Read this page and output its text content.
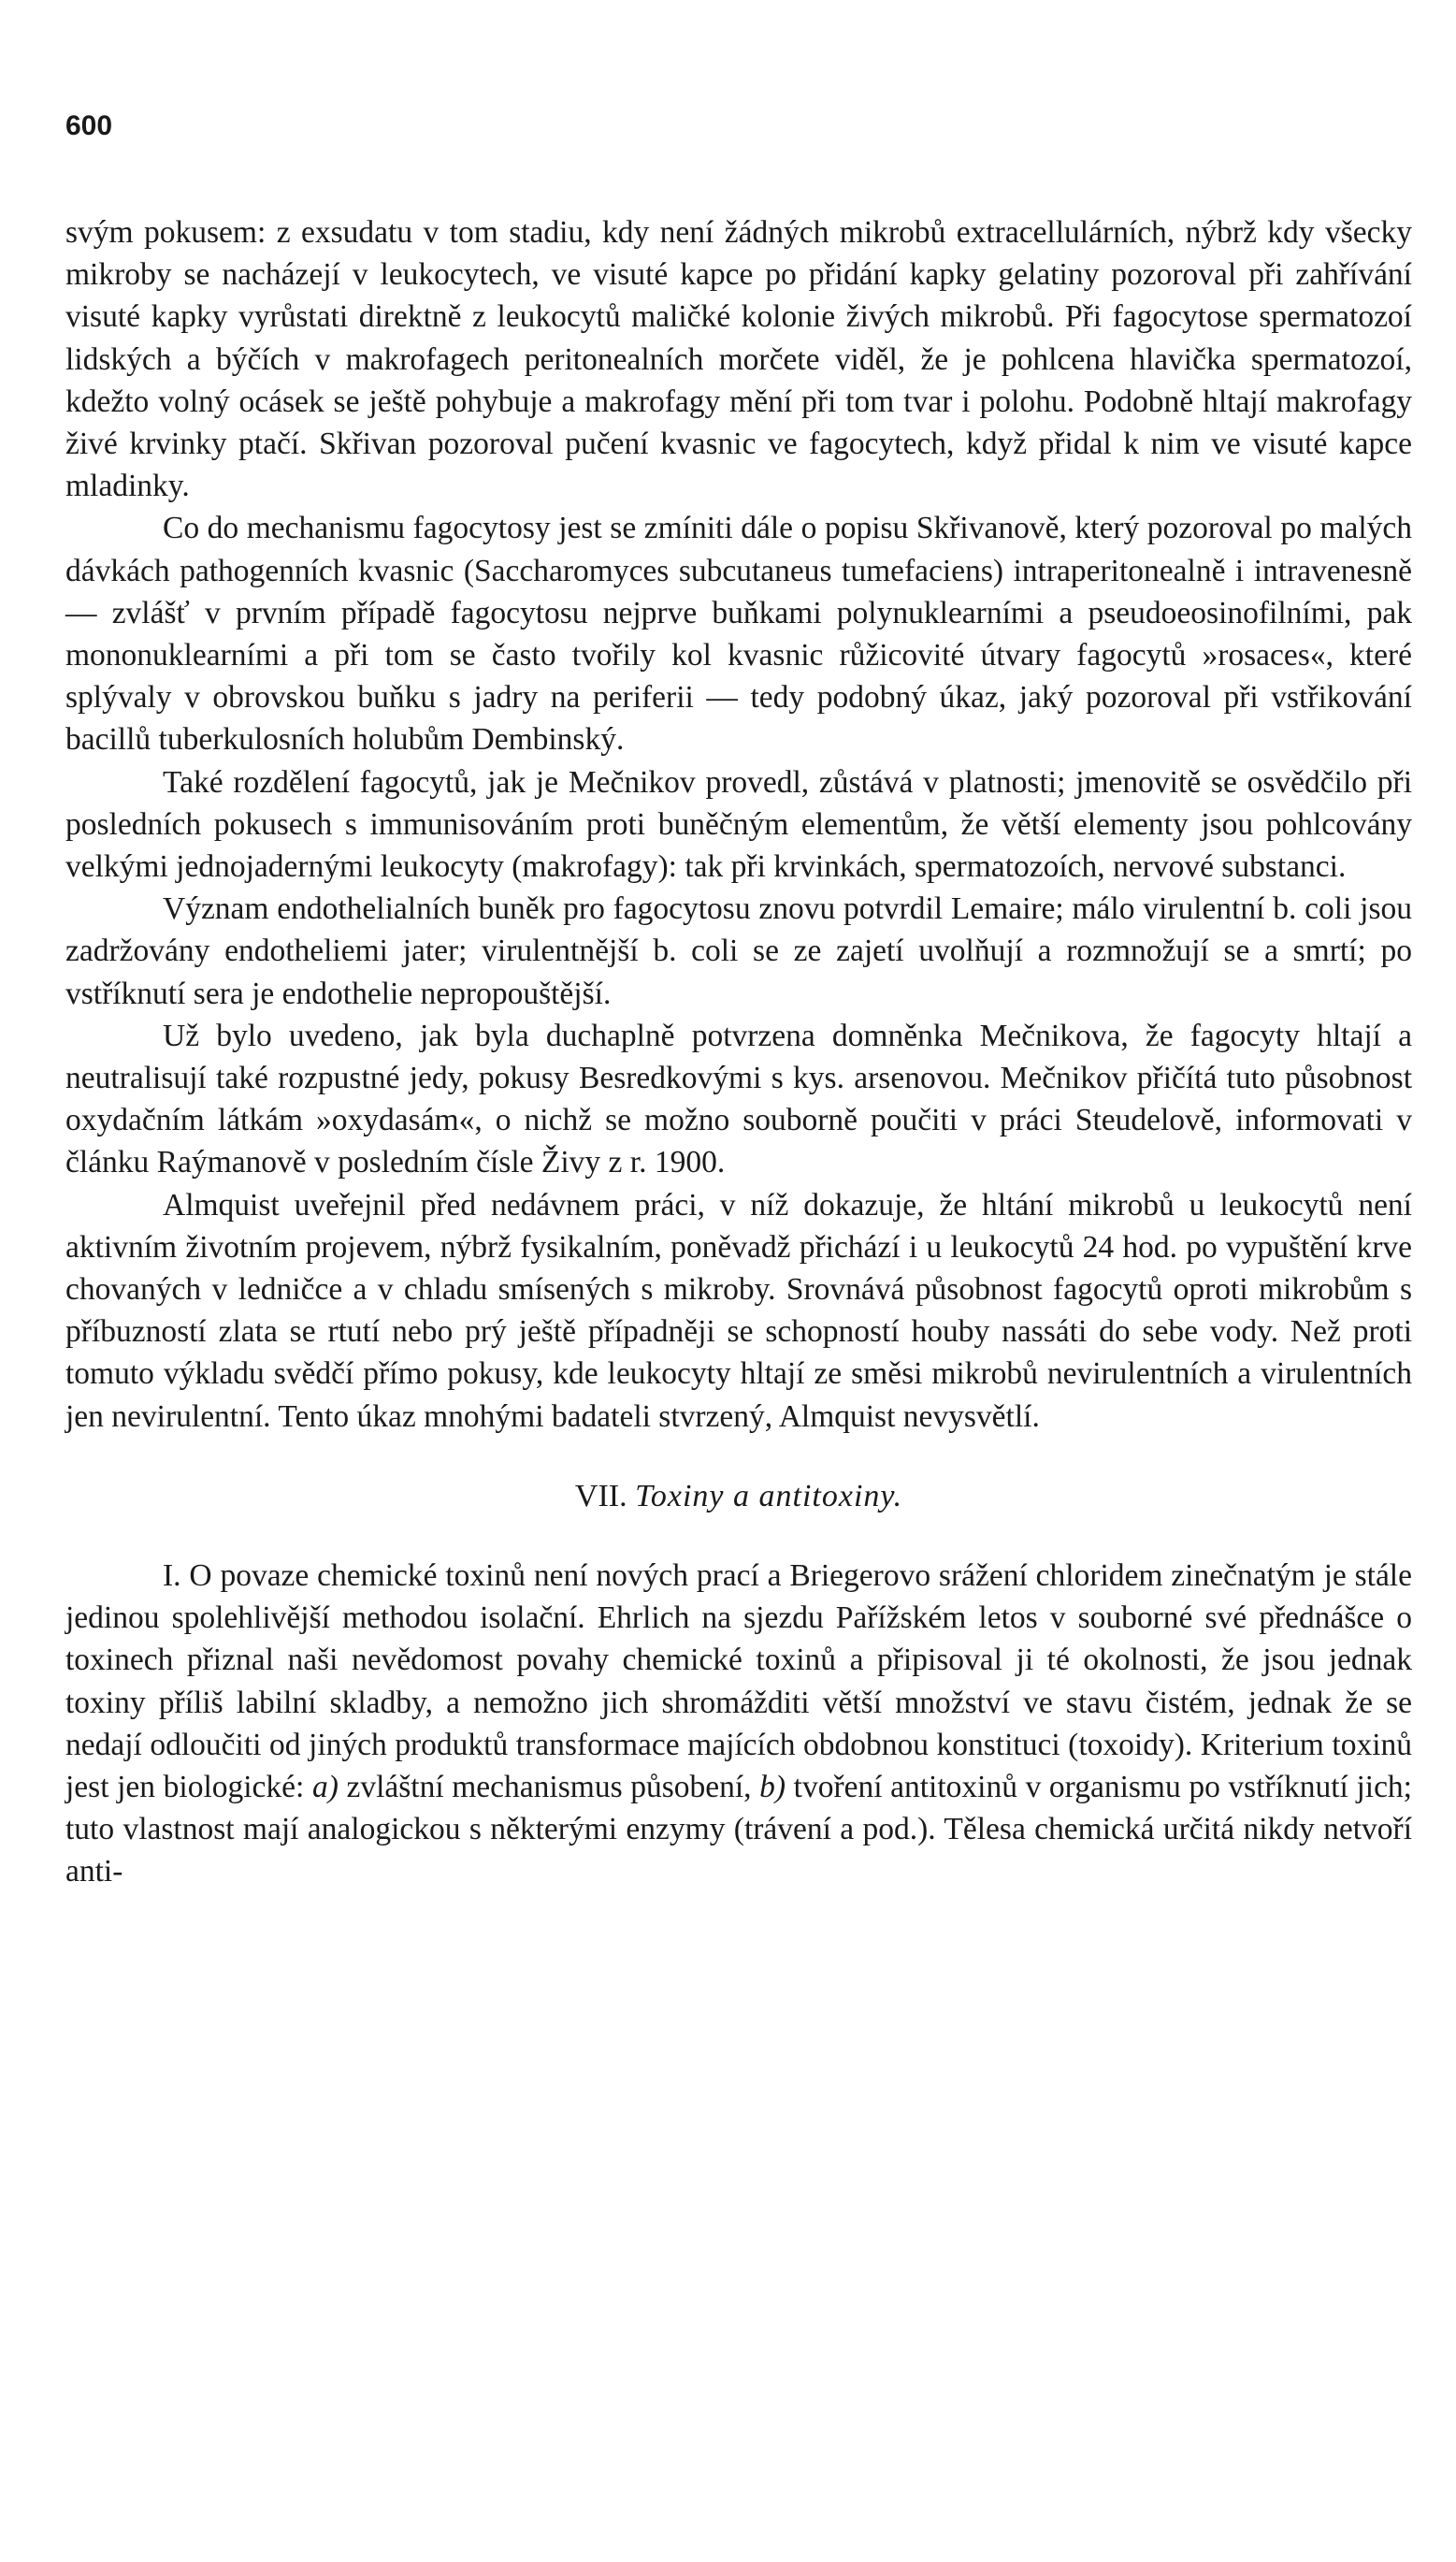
600

svým pokusem: z exsudatu v tom stadiu, kdy není žádných mikrobů extracellulárních, nýbrž kdy všecky mikroby se nacházejí v leukocytech, ve visuté kapce po přidání kapky gelatiny pozoroval při zahřívání visuté kapky vyrůstati direktně z leukocytů maličké kolonie živých mikrobů. Při fagocytose spermatozoí lidských a býčích v makrofagech peritonealních morčete viděl, že je pohlcena hlavička spermatozoí, kdežto volný ocásek se ještě pohybuje a makrofagy mění při tom tvar i polohu. Podobně hltají makrofagy živé krvinky ptačí. Skřivan pozoroval pučení kvasnic ve fagocytech, když přidal k nim ve visuté kapce mladinky.

Co do mechanismu fagocytosy jest se zmíniti dále o popisu Skřivanově, který pozoroval po malých dávkách pathogenních kvasnic (Saccharomyces subcutaneus tumefaciens) intraperitonealně i intravenesně — zvlášť v prvním případě fagocytosu nejprve buňkami polynuklearními a pseudoeosinofilními, pak mononuklearními a při tom se často tvořily kol kvasnic růžicovité útvary fagocytů »rosaces«, které splývaly v obrovskou buňku s jadry na periferii — tedy podobný úkaz, jaký pozoroval při vstřikování bacillů tuberkulosních holubům Dembinský.

Také rozdělení fagocytů, jak je Mečnikov provedl, zůstává v platnosti; jmenovitě se osvědčilo při posledních pokusech s immunisováním proti buněčným elementům, že větší elementy jsou pohlcovány velkými jednojadernými leukocyty (makrofagy): tak při krvinkách, spermatozoích, nervové substanci.

Význam endothelialních buněk pro fagocytosu znovu potvrdil Lemaire; málo virulentní b. coli jsou zadržovány endotheliemi jater; virulentnější b. coli se ze zajetí uvolňují a rozmnožují se a smrtí; po vstříknutí sera je endothelie nepropouštější.

Už bylo uvedeno, jak byla duchaplně potvrzena domněnka Mečnikova, že fagocyty hltají a neutralisují také rozpustné jedy, pokusy Besredkovými s kys. arsenovou. Mečnikov přičítá tuto působnost oxydačním látkám »oxydasám«, o nichž se možno souborně poučiti v práci Steudelově, informovati v článku Raýmanově v posledním čísle Živy z r. 1900.

Almquist uveřejnil před nedávnem práci, v níž dokazuje, že hltání mikrobů u leukocytů není aktivním životním projevem, nýbrž fysikalním, poněvadž přichází i u leukocytů 24 hod. po vypuštění krve chovaných v ledničce a v chladu smísených s mikroby. Srovnává působnost fagocytů oproti mikrobům s příbuzností zlata se rtutí nebo prý ještě případněji se schopností houby nassáti do sebe vody. Než proti tomuto výkladu svědčí přímo pokusy, kde leukocyty hltají ze směsi mikrobů nevirulentních a virulentních jen nevirulentní. Tento úkaz mnohými badateli stvrzený, Almquist nevysvětlí.

VII. Toxiny a antitoxiny.

I. O povaze chemické toxinů není nových prací a Briegerovo srážení chloridem zinečnatým je stále jedinou spolehlivější methodou isolační. Ehrlich na sjezdu Pařížském letos v souborné své přednášce o toxinech přiznal naši nevědomost povahy chemické toxinů a připisoval ji té okolnosti, že jsou jednak toxiny příliš labilní skladby, a nemožno jich shromážditi větší množství ve stavu čistém, jednak že se nedají odloučiti od jiných produktů transformace majících obdobnou konstituci (toxoidy). Kriterium toxinů jest jen biologické: a) zvláštní mechanismus působení, b) tvoření antitoxinů v organismu po vstříknutí jich; tuto vlastnost mají analogickou s některými enzymy (trávení a pod.). Tělesa chemická určitá nikdy netvoří anti-
